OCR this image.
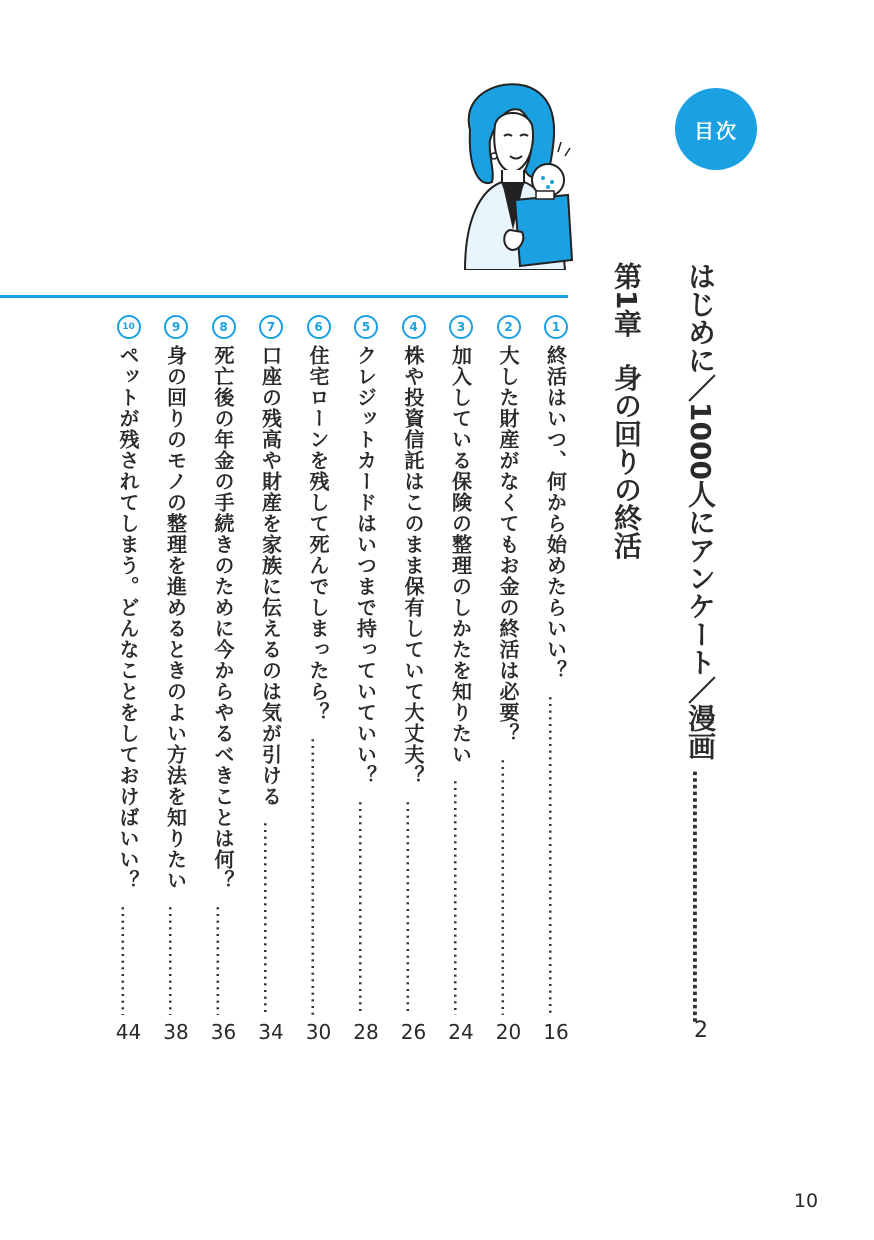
目次
はじめに／1000人にアンケート／漫画
……………………………………………………………………………………
2
第1章身の回りの終活
1
終活はいつ、何から始めたらいい？
……………………………………………………………………………………………………
16
2
大した財産がなくてもお金の終活は必要？
……………………………………………………………………………………………………
20
3
加入している保険の整理のしかたを知りたい
……………………………………………………………………………………………………
24
4
株や投資信託はこのまま保有していて大丈夫？
……………………………………………………………………………………………………
26
5
クレジットカードはいつまで持っていていい？
……………………………………………………………………………………………………
28
6
住宅ローンを残して死んでしまったら？
……………………………………………………………………………………………………
30
7
口座の残高や財産を家族に伝えるのは気が引ける
……………………………………………………………………………………………………
34
8
死亡後の年金の手続きのために今からやるべきことは何？
……………………………………………………………………………………………………
36
9
身の回りのモノの整理を進めるときのよい方法を知りたい
……………………………………………………………………………………………………
38
10
ペットが残されてしまう。どんなことをしておけばいい？
……………………………………………………………………………………………………
44
10
